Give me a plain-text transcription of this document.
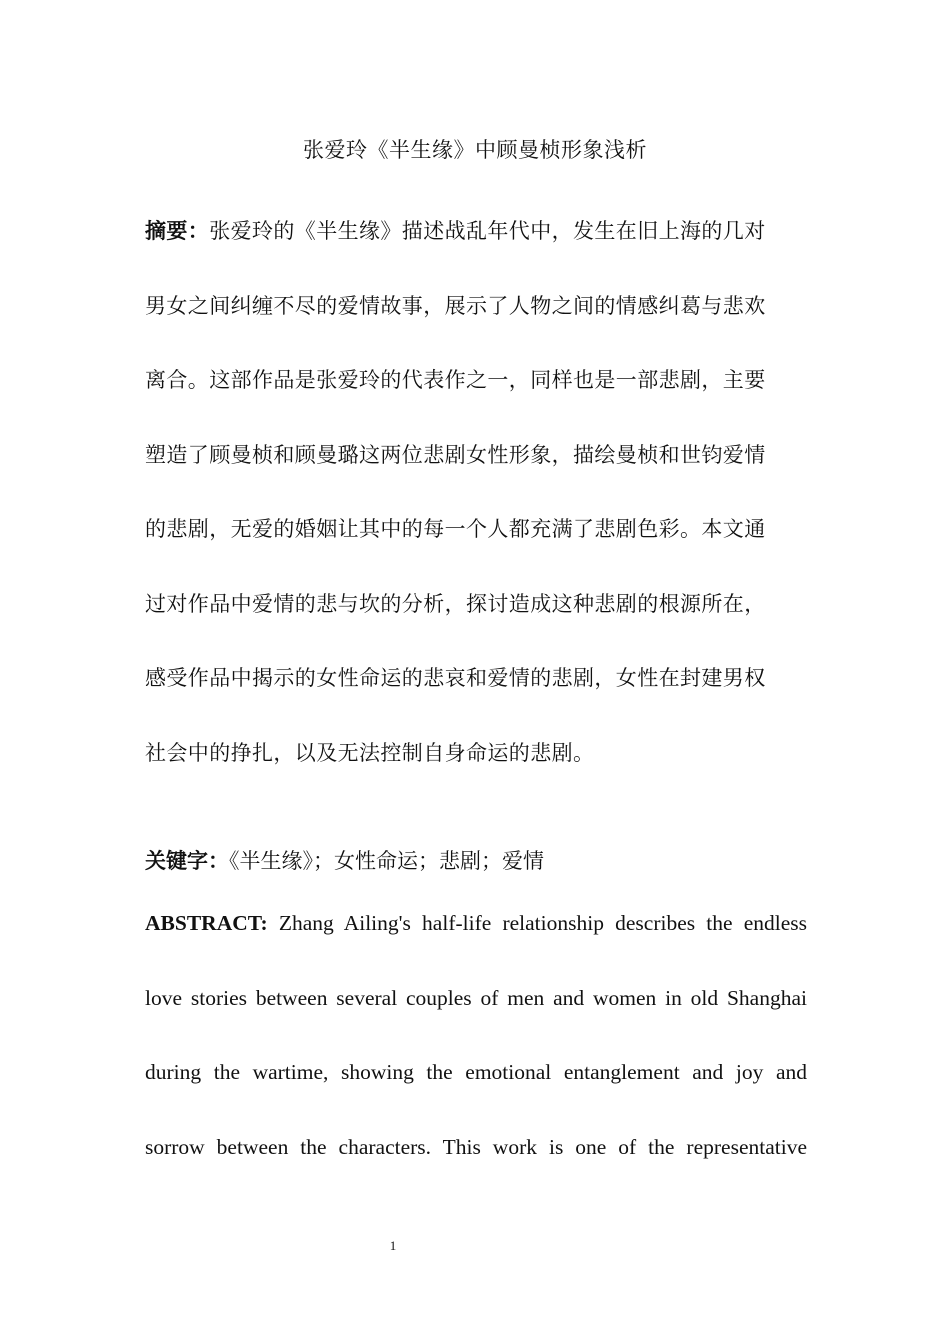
张爱玲《半生缘》中顾曼桢形象浅析
摘要：张爱玲的《半生缘》描述战乱年代中，发生在旧上海的几对
男女之间纠缠不尽的爱情故事，展示了人物之间的情感纠葛与悲欢
离合。这部作品是张爱玲的代表作之一，同样也是一部悲剧，主要
塑造了顾曼桢和顾曼璐这两位悲剧女性形象，描绘曼桢和世钧爱情
的悲剧，无爱的婚姻让其中的每一个人都充满了悲剧色彩。本文通
过对作品中爱情的悲与坎的分析，探讨造成这种悲剧的根源所在，
感受作品中揭示的女性命运的悲哀和爱情的悲剧，女性在封建男权
社会中的挣扎，以及无法控制自身命运的悲剧。
关键字：《半生缘》；女性命运；悲剧；爱情
ABSTRACT: Zhang Ailing's half-life relationship describes the endless
love stories between several couples of men and women in old Shanghai
during the wartime, showing the emotional entanglement and joy and
sorrow between the characters. This work is one of the representative
1
